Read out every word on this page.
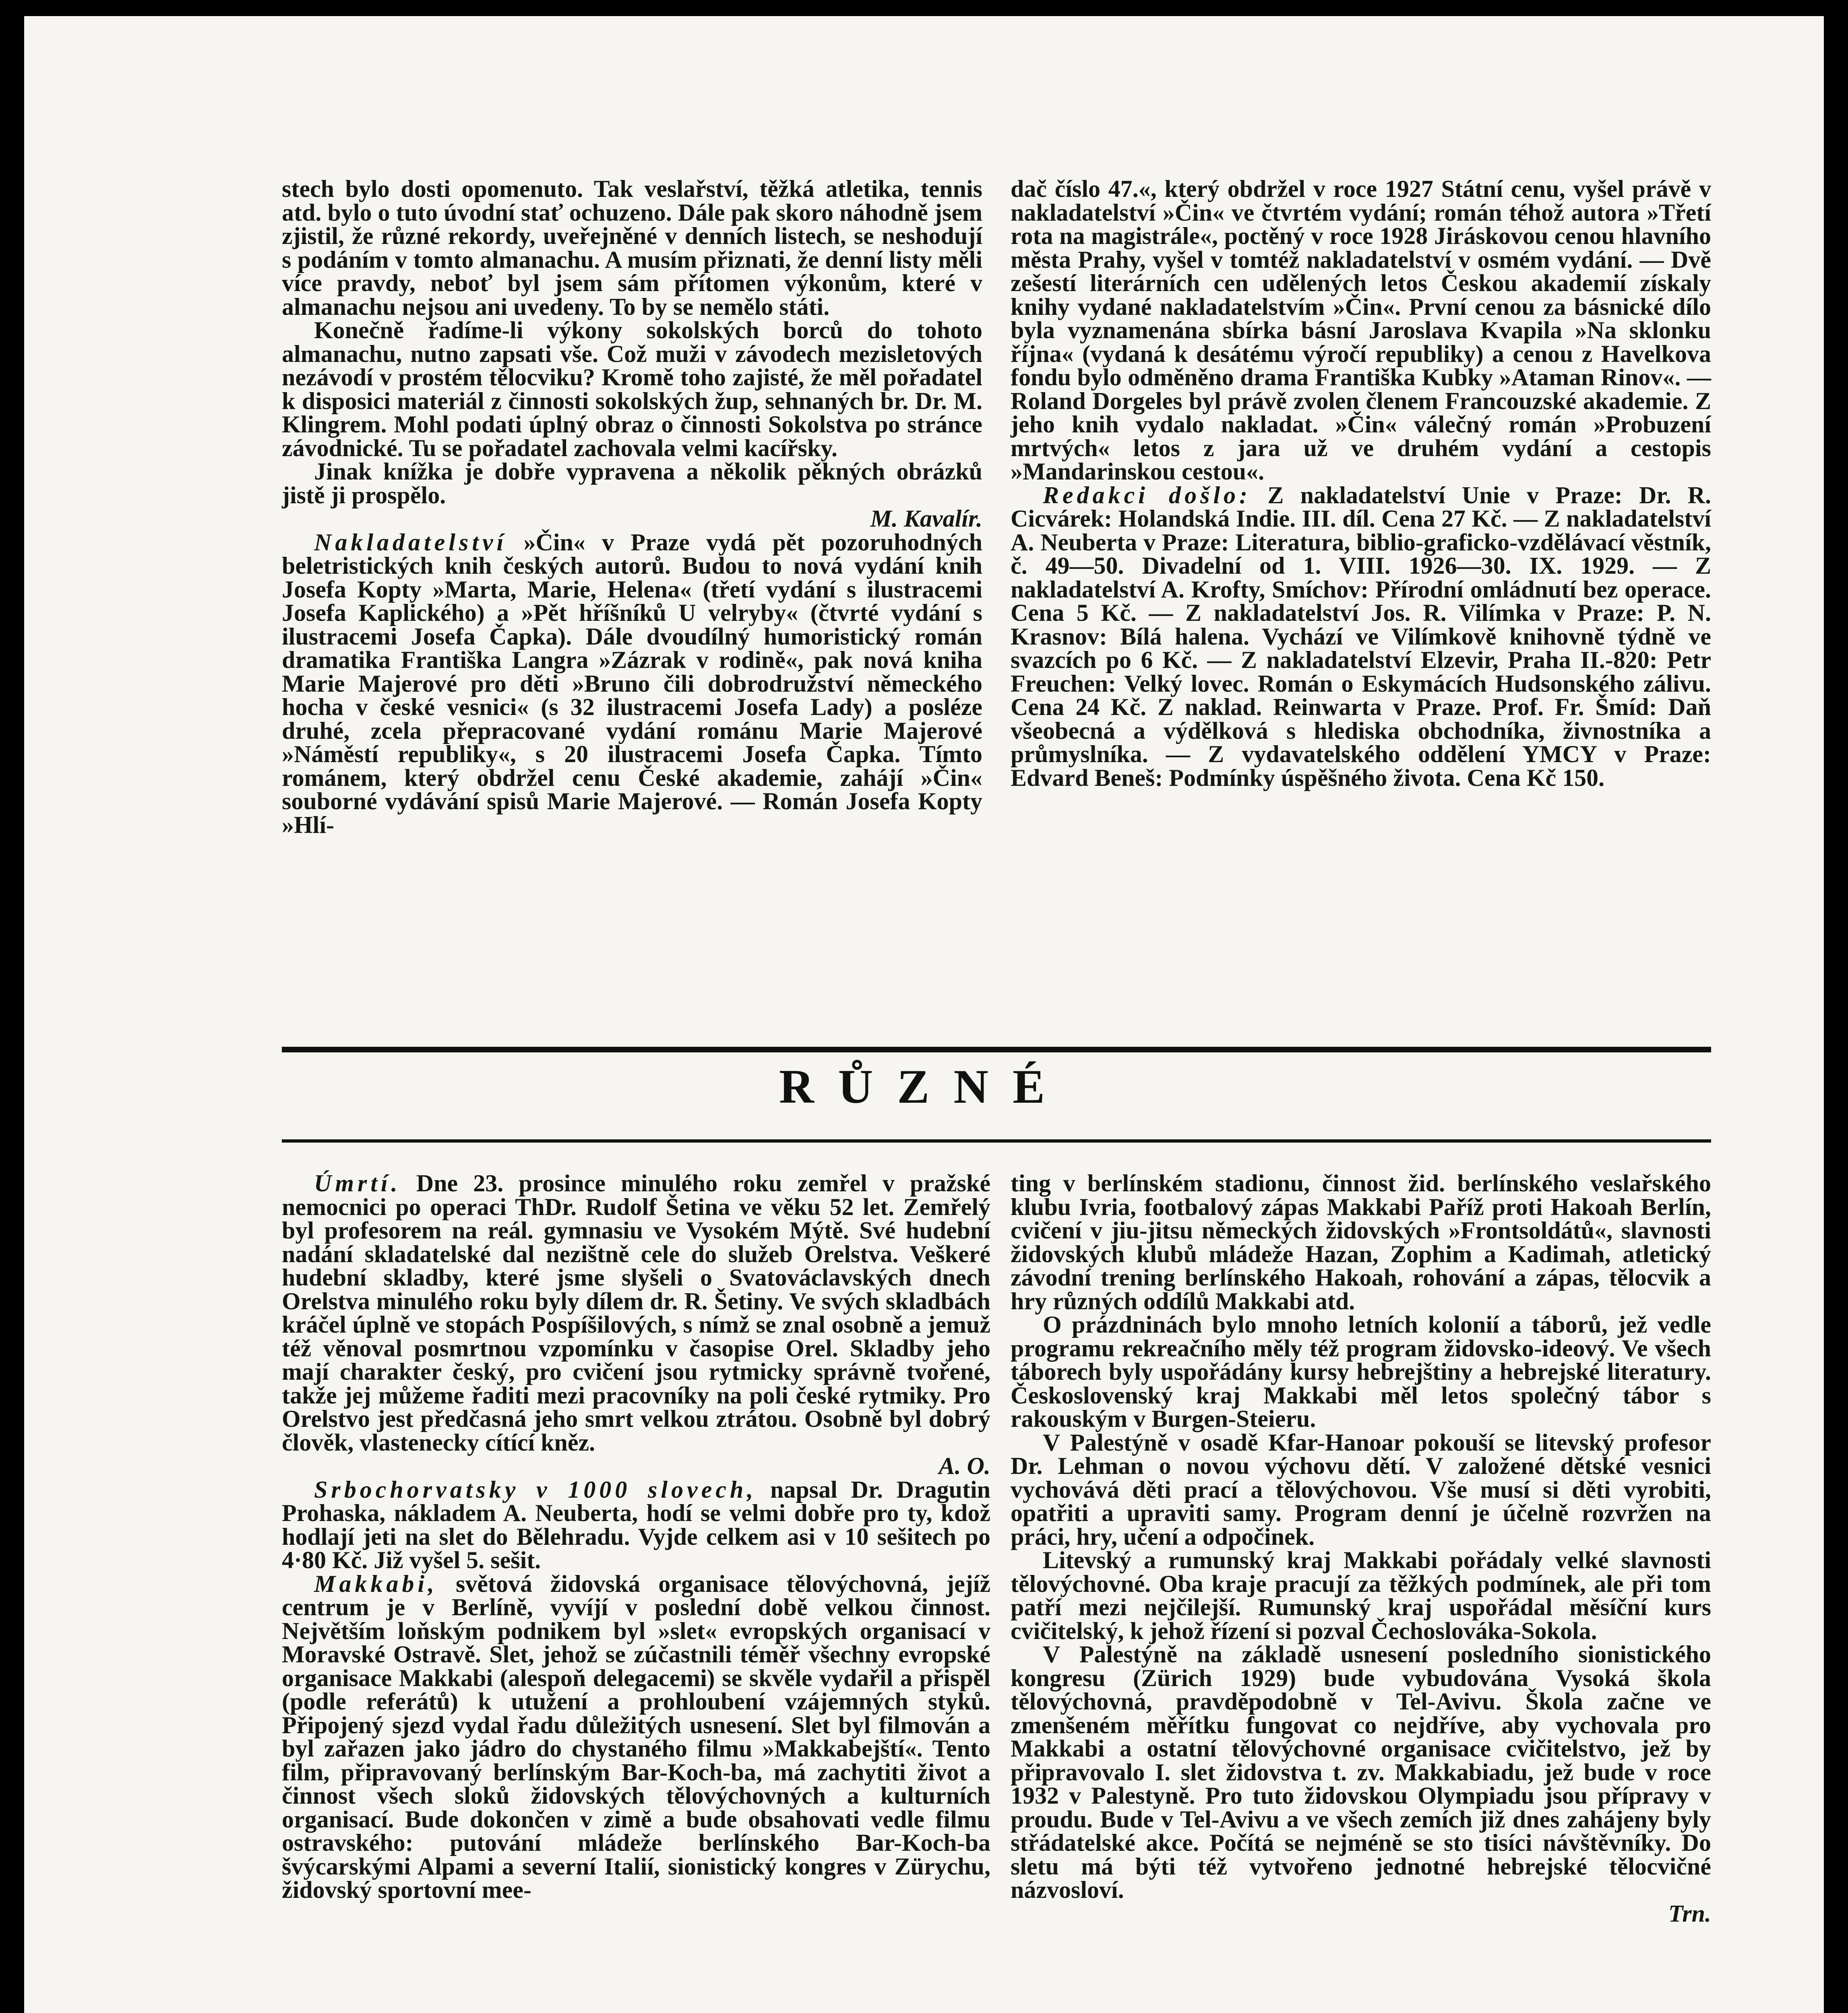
stech bylo dosti opomenuto. Tak veslařství, těžká atletika, tennis atd. bylo o tuto úvodní stať ochuzeno. Dále pak skoro náhodně jsem zjistil, že různé rekordy, uveřejněné v denních listech, se neshodují s podáním v tomto almanachu. A musím přiznati, že denní listy měli více pravdy, neboť byl jsem sám přítomen výkonům, které v almanachu nejsou ani uvedeny. To by se nemělo státi.

Konečně řadíme-li výkony sokolských borců do tohoto almanachu, nutno zapsati vše. Což muži v závodech mezisletových nezávodí v prostém tělocviku? Kromě toho zajisté, že měl pořadatel k disposici materiál z činnosti sokolských žup, sehnaných br. Dr. M. Klingrem. Mohl podati úplný obraz o činnosti Sokolstva po stránce závodnické. Tu se pořadatel zachovala velmi kacířsky.

Jinak knížka je dobře vypravena a několik pěkných obrázků jistě ji prospělo.

M. Kavalír.

Nakladatelství »Čin« v Praze vydá pět pozoruhodných beletristických knih českých autorů. Budou to nová vydání knih Josefa Kopty »Marta, Marie, Helena« (třetí vydání s ilustracemi Josefa Kaplického) a »Pět hříšníků U velryby« (čtvrté vydání s ilustracemi Josefa Čapka). Dále dvoudílný humoristický román dramatika Františka Langra »Zázrak v rodině«, pak nová kniha Marie Majerové pro děti »Bruno čili dobrodružství německého hocha v české vesnici« (s 32 ilustracemi Josefa Lady) a posléze druhé, zcela přepracované vydání románu Marie Majerové »Náměstí republiky«, s 20 ilustracemi Josefa Čapka. Tímto románem, který obdržel cenu České akademie, zahájí »Čin« souborné vydávání spisů Marie Majerové. — Román Josefa Kopty »Hlí-

dač číslo 47.«, který obdržel v roce 1927 Státní cenu, vyšel právě v nakladatelství »Čin« ve čtvrtém vydání; román téhož autora »Třetí rota na magistrále«, poctěný v roce 1928 Jiráskovou cenou hlavního města Prahy, vyšel v tomtéž nakladatelství v osmém vydání. — Dvě zešestí literárních cen udělených letos Českou akademií získaly knihy vydané nakladatelstvím »Čin«. První cenou za básnické dílo byla vyznamenána sbírka básní Jaroslava Kvapila »Na sklonku října« (vydaná k desátému výročí republiky) a cenou z Havelkova fondu bylo odměněno drama Františka Kubky »Ataman Rinov«. — Roland Dorgeles byl právě zvolen členem Francouzské akademie. Z jeho knih vydalo nakladat. »Čin« válečný román »Probuzení mrtvých« letos z jara už ve druhém vydání a cestopis »Mandarinskou cestou«.

Redakci došlo: Z nakladatelství Unie v Praze: Dr. R. Cicvárek: Holandská Indie. III. díl. Cena 27 Kč. — Z nakladatelství A. Neuberta v Praze: Literatura, biblio-graficko-vzdělávací věstník, č. 49—50. Divadelní od 1. VIII. 1926—30. IX. 1929. — Z nakladatelství A. Krofty, Smíchov: Přírodní omládnutí bez operace. Cena 5 Kč. — Z nakladatelství Jos. R. Vilímka v Praze: P. N. Krasnov: Bílá halena. Vychází ve Vilímkově knihovně týdně ve svazcích po 6 Kč. — Z nakladatelství Elzevir, Praha II.-820: Petr Freuchen: Velký lovec. Román o Eskymácích Hudsonského zálivu. Cena 24 Kč. Z naklad. Reinwarta v Praze. Prof. Fr. Šmíd: Daň všeobecná a výdělková s hlediska obchodníka, živnostníka a průmyslníka. — Z vydavatelského oddělení YMCY v Praze: Edvard Beneš: Podmínky úspěšného života. Cena Kč 150.

RŮZNÉ

Úmrtí. Dne 23. prosince minulého roku zemřel v pražské nemocnici po operaci ThDr. Rudolf Šetina ve věku 52 let. Zemřelý byl profesorem na reál. gymnasiu ve Vysokém Mýtě. Své hudební nadání skladatelské dal nezištně cele do služeb Orelstva. Veškeré hudební skladby, které jsme slyšeli o Svatováclavských dnech Orelstva minulého roku byly dílem dr. R. Šetiny. Ve svých skladbách kráčel úplně ve stopách Pospíšilových, s nímž se znal osobně a jemuž též věnoval posmrtnou vzpomínku v časopise Orel. Skladby jeho mají charakter český, pro cvičení jsou rytmicky správně tvořené, takže jej můžeme řaditi mezi pracovníky na poli české rytmiky. Pro Orelstvo jest předčasná jeho smrt velkou ztrátou. Osobně byl dobrý člověk, vlastenecky cítící kněz.

A. O.

Srbochorvatsky v 1000 slovech, napsal Dr. Dragutin Prohaska, nákladem A. Neuberta, hodí se velmi dobře pro ty, kdož hodlají jeti na slet do Bělehradu. Vyjde celkem asi v 10 sešitech po 4·80 Kč. Již vyšel 5. sešit.

Makkabi, světová židovská organisace tělovýchovná, jejíž centrum je v Berlíně, vyvíjí v poslední době velkou činnost. Největším loňským podnikem byl »slet« evropských organisací v Moravské Ostravě. Slet, jehož se zúčastnili téměř všechny evropské organisace Makkabi (alespoň delegacemi) se skvěle vydařil a přispěl (podle referátů) k utužení a prohloubení vzájemných styků. Připojený sjezd vydal řadu důležitých usnesení. Slet byl filmován a byl zařazen jako jádro do chystaného filmu »Makkabejští«. Tento film, připravovaný berlínským Bar-Koch-ba, má zachytiti život a činnost všech sloků židovských tělovýchovných a kulturních organisací. Bude dokončen v zimě a bude obsahovati vedle filmu ostravského: putování mládeže berlínského Bar-Koch-ba švýcarskými Alpami a severní Italií, sionistický kongres v Zürychu, židovský sportovní mee-

ting v berlínském stadionu, činnost žid. berlínského veslařského klubu Ivria, footbalový zápas Makkabi Paříž proti Hakoah Berlín, cvičení v jiu-jitsu německých židovských »Frontsoldátů«, slavnosti židovských klubů mládeže Hazan, Zophim a Kadimah, atletický závodní trening berlínského Hakoah, rohování a zápas, tělocvik a hry různých oddílů Makkabi atd.

O prázdninách bylo mnoho letních kolonií a táborů, jež vedle programu rekreačního měly též program židovsko-ideový. Ve všech táborech byly uspořádány kursy hebrejštiny a hebrejské literatury. Československý kraj Makkabi měl letos společný tábor s rakouským v Burgen-Steieru.

V Palestýně v osadě Kfar-Hanoar pokouší se litevský profesor Dr. Lehman o novou výchovu dětí. V založené dětské vesnici vychovává děti prací a tělovýchovou. Vše musí si děti vyrobiti, opatřiti a upraviti samy. Program denní je účelně rozvržen na práci, hry, učení a odpočinek.

Litevský a rumunský kraj Makkabi pořádaly velké slavnosti tělovýchovné. Oba kraje pracují za těžkých podmínek, ale při tom patří mezi nejčilejší. Rumunský kraj uspořádal měsíční kurs cvičitelský, k jehož řízení si pozval Čechoslováka-Sokola.

V Palestýně na základě usnesení posledního sionistického kongresu (Zürich 1929) bude vybudována Vysoká škola tělovýchovná, pravděpodobně v Tel-Avivu. Škola začne ve zmenšeném měřítku fungovat co nejdříve, aby vychovala pro Makkabi a ostatní tělovýchovné organisace cvičitelstvo, jež by připravovalo I. slet židovstva t. zv. Makkabiadu, jež bude v roce 1932 v Palestyně. Pro tuto židovskou Olympiadu jsou přípravy v proudu. Bude v Tel-Avivu a ve všech zemích již dnes zahájeny byly střádatelské akce. Počítá se nejméně se sto tisíci návštěvníky. Do sletu má býti též vytvořeno jednotné hebrejské tělocvičné názvosloví.

Trn.
